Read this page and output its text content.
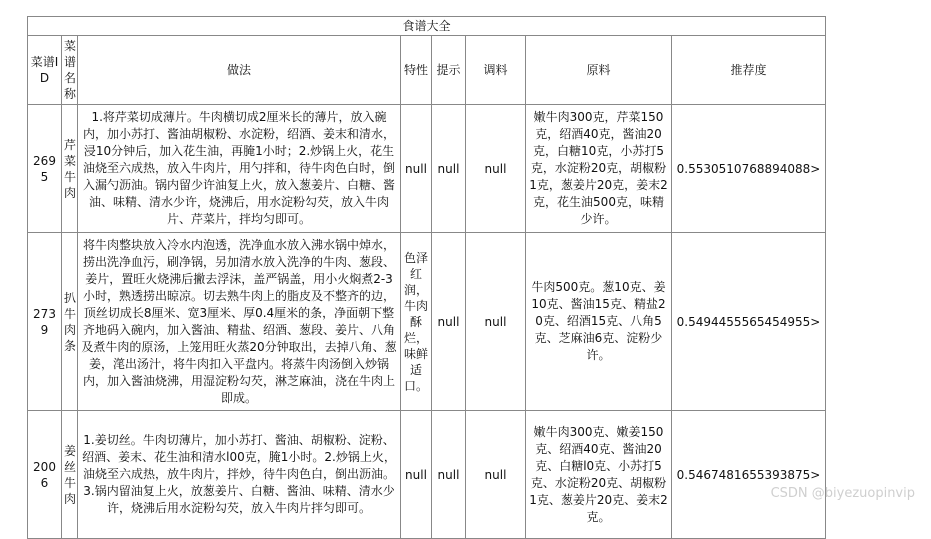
食谱大全							
菜谱ID	菜谱名称	做法	特性	提示	调料	原料	推荐度
2695	芹菜牛肉	1.将芹菜切成薄片。牛肉横切成2厘米长的薄片，放入碗内，加小苏打、酱油胡椒粉、水淀粉，绍酒、姜末和清水，浸10分钟后，加入花生油，再腌1小时；2.炒锅上火，花生油烧至六成热，放入牛肉片，用勺拌和，待牛肉色白时，倒入漏勺沥油。锅内留少许油复上火，放入葱姜片、白糖、酱油、味精、清水少许，烧沸后，用水淀粉勾芡，放入牛肉片、芹菜片，拌均匀即可。	null	null	null	嫩牛肉300克，芹菜150克，绍酒40克，酱油20克，白糖10克，小苏打5克，水淀粉20克，胡椒粉1克，葱姜片20克，姜末2克，花生油500克，味精少许。	0.5530510768894088>
2739	扒牛肉条	将牛肉整块放入冷水内泡透，洗净血水放入沸水锅中焯水，捞出洗净血污，刷净锅，另加清水放入洗净的牛肉、葱段、姜片，置旺火烧沸后撇去浮沫，盖严锅盖，用小火焖煮2-3小时，熟透捞出晾凉。切去熟牛肉上的脂皮及不整齐的边，顶丝切成长8厘米、宽3厘米、厚0.4厘米的条，净面朝下整齐地码入碗内，加入酱油、精盐、绍酒、葱段、姜片、八角及煮牛肉的原汤，上笼用旺火蒸20分钟取出，去掉八角、葱姜，滗出汤汁，将牛肉扣入平盘内。将蒸牛肉汤倒入炒锅内，加入酱油烧沸，用湿淀粉勾芡，淋芝麻油，浇在牛肉上即成。	色泽红润，牛肉酥烂，味鲜适口。	null	null	牛肉500克。葱10克、姜10克、酱油15克、精盐20克、绍酒15克、八角5克、芝麻油6克、淀粉少许。	0.5494455565454955>
2006	姜丝牛肉	1.姜切丝。牛肉切薄片，加小苏打、酱油、胡椒粉、淀粉、绍酒、姜末、花生油和清水l00克，腌1小时。2.炒锅上火，油烧至六成热，放牛肉片，拌炒，待牛肉色白，倒出沥油。3.锅内留油复上火，放葱姜片、白糖、酱油、味精、清水少许，烧沸后用水淀粉勾芡，放入牛肉片拌匀即可。	null	null	null	嫩牛肉300克、嫩姜150克、绍酒40克、酱油20克、白糖l0克、小苏打5克、水淀粉20克、胡椒粉1克、葱姜片20克、姜末2克。	0.5467481655393875>
CSDN @biyezuopinvip
